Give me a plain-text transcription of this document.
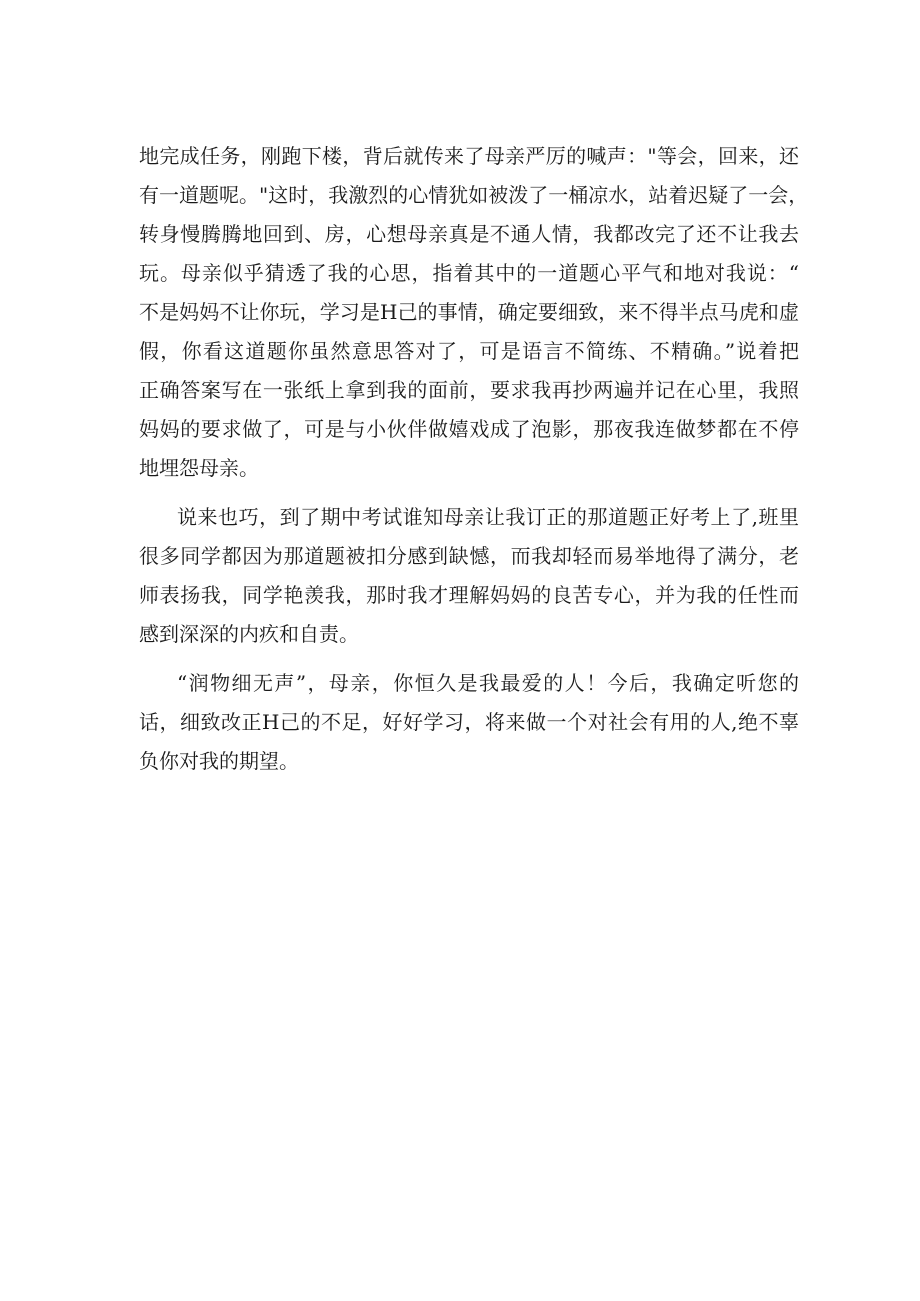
地完成任务，刚跑下楼，背后就传来了母亲严厉的喊声："等会，回来，还
有一道题呢。"这时，我激烈的心情犹如被泼了一桶凉水，站着迟疑了一会，
转身慢腾腾地回到、房，心想母亲真是不通人情，我都改完了还不让我去
玩。母亲似乎猜透了我的心思，指着其中的一道题心平气和地对我说：“
不是妈妈不让你玩，学习是H己的事情，确定要细致，来不得半点马虎和虚
假，你看这道题你虽然意思答对了，可是语言不简练、不精确。”说着把
正确答案写在一张纸上拿到我的面前，要求我再抄两遍并记在心里，我照
妈妈的要求做了，可是与小伙伴做嬉戏成了泡影，那夜我连做梦都在不停
地埋怨母亲。
说来也巧，到了期中考试谁知母亲让我订正的那道题正好考上了,班里
很多同学都因为那道题被扣分感到缺憾，而我却轻而易举地得了满分，老
师表扬我，同学艳羡我，那时我才理解妈妈的良苦专心，并为我的任性而
感到深深的内疚和自责。
“润物细无声”，母亲，你恒久是我最爱的人！今后，我确定听您的
话，细致改正H己的不足，好好学习，将来做一个对社会有用的人,绝不辜
负你对我的期望。
